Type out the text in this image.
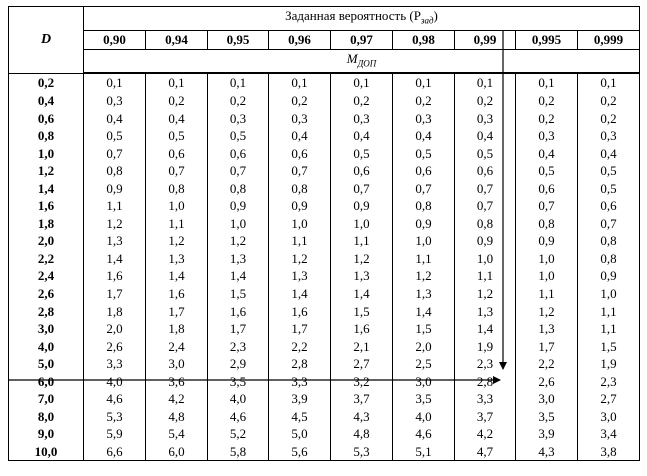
D	Заданная вероятность $(P_{зад})$								
	0,90	0,94	0,95	0,96	0,97	0,98	0,99	0,995	0,999
	$M_{ДОП}$
0,2	0,1	0,1	0,1	0,1	0,1	0,1	0,1	0,1	0,1
0,4	0,3	0,2	0,2	0,2	0,2	0,2	0,2	0,2	0,2
0,6	0,4	0,4	0,3	0,3	0,3	0,3	0,3	0,2	0,2
0,8	0,5	0,5	0,5	0,4	0,4	0,4	0,4	0,3	0,3
1,0	0,7	0,6	0,6	0,6	0,5	0,5	0,5	0,4	0,4
1,2	0,8	0,7	0,7	0,7	0,6	0,6	0,6	0,5	0,5
1,4	0,9	0,8	0,8	0,8	0,7	0,7	0,7	0,6	0,5
1,6	1,1	1,0	0,9	0,9	0,9	0,8	0,7	0,7	0,6
1,8	1,2	1,1	1,0	1,0	1,0	0,9	0,8	0,8	0,7
2,0	1,3	1,2	1,2	1,1	1,1	1,0	0,9	0,9	0,8
2,2	1,4	1,3	1,3	1,2	1,2	1,1	1,0	1,0	0,8
2,4	1,6	1,4	1,4	1,3	1,3	1,2	1,1	1,0	0,9
2,6	1,7	1,6	1,5	1,4	1,4	1,3	1,2	1,1	1,0
2,8	1,8	1,7	1,6	1,6	1,5	1,4	1,3	1,2	1,1
3,0	2,0	1,8	1,7	1,7	1,6	1,5	1,4	1,3	1,1
4,0	2,6	2,4	2,3	2,2	2,1	2,0	1,9	1,7	1,5
5,0	3,3	3,0	2,9	2,8	2,7	2,5	2,3	2,2	1,9
6,0	4,0	3,6	3,5	3,3	3,2	3,0	2,8	2,6	2,3
7,0	4,6	4,2	4,0	3,9	3,7	3,5	3,3	3,0	2,7
8,0	5,3	4,8	4,6	4,5	4,3	4,0	3,7	3,5	3,0
9,0	5,9	5,4	5,2	5,0	4,8	4,6	4,2	3,9	3,4
10,0	6,6	6,0	5,8	5,6	5,3	5,1	4,7	4,3	3,8
